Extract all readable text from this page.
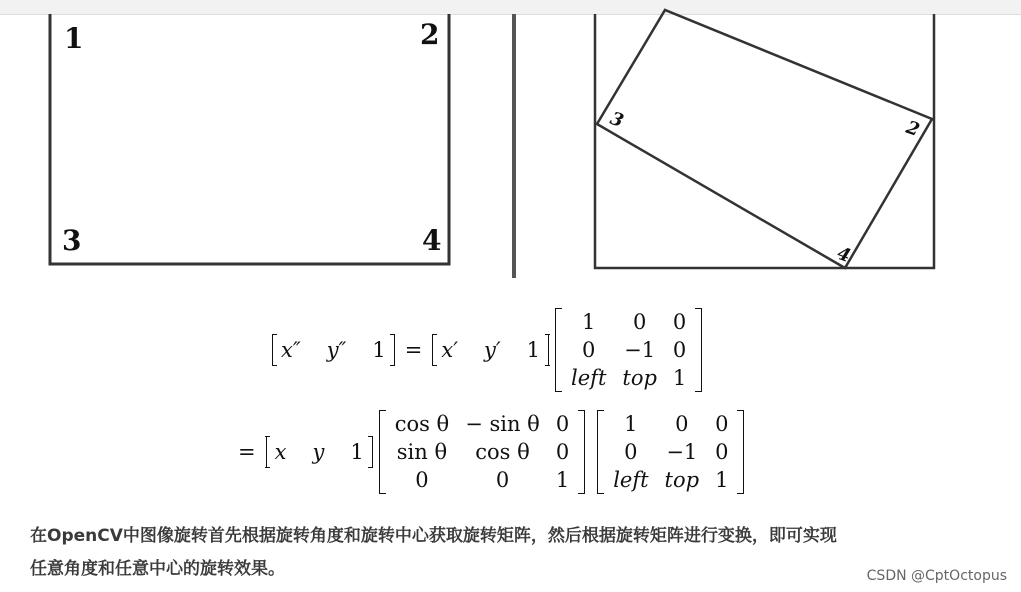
1	2
3	4
3	2
4
x″ y″ 1 = x′ y′ 1
1	0	0
0	−1	0
left	top	1
= x y 1
cos θ	− sin θ	0
sin θ	cos θ	0
0	0	1
1	0	0
0	−1	0
left	top	1
在OpenCV中图像旋转首先根据旋转角度和旋转中心获取旋转矩阵，然后根据旋转矩阵进行变换，即可实现
任意角度和任意中心的旋转效果。	CSDN @CptOctopus
